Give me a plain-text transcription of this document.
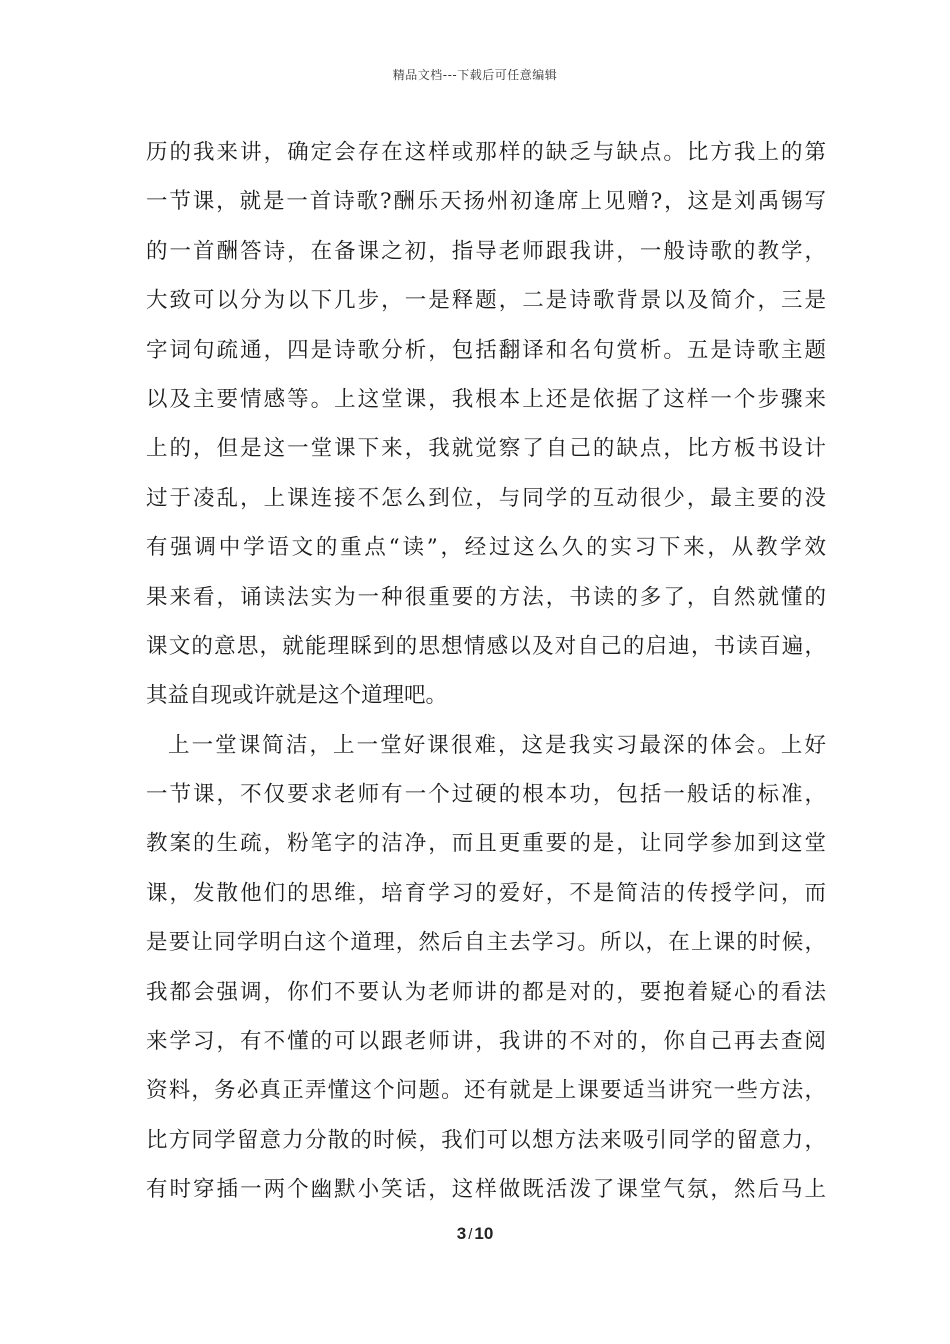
精品文档---下载后可任意编辑
历的我来讲，确定会存在这样或那样的缺乏与缺点。比方我上的第
一节课，就是一首诗歌?酬乐天扬州初逢席上见赠?，这是刘禹锡写
的一首酬答诗，在备课之初，指导老师跟我讲，一般诗歌的教学，
大致可以分为以下几步，一是释题，二是诗歌背景以及简介，三是
字词句疏通，四是诗歌分析，包括翻译和名句赏析。五是诗歌主题
以及主要情感等。上这堂课，我根本上还是依据了这样一个步骤来
上的，但是这一堂课下来，我就觉察了自己的缺点，比方板书设计
过于凌乱，上课连接不怎么到位，与同学的互动很少，最主要的没
有强调中学语文的重点“读”，经过这么久的实习下来，从教学效
果来看，诵读法实为一种很重要的方法，书读的多了，自然就懂的
课文的意思，就能理睬到的思想情感以及对自己的启迪，书读百遍，
其益自现或许就是这个道理吧。
上一堂课简洁，上一堂好课很难，这是我实习最深的体会。上好
一节课，不仅要求老师有一个过硬的根本功，包括一般话的标准，
教案的生疏，粉笔字的洁净，而且更重要的是，让同学参加到这堂
课，发散他们的思维，培育学习的爱好，不是简洁的传授学问，而
是要让同学明白这个道理，然后自主去学习。所以，在上课的时候，
我都会强调，你们不要认为老师讲的都是对的，要抱着疑心的看法
来学习，有不懂的可以跟老师讲，我讲的不对的，你自己再去查阅
资料，务必真正弄懂这个问题。还有就是上课要适当讲究一些方法，
比方同学留意力分散的时候，我们可以想方法来吸引同学的留意力，
有时穿插一两个幽默小笑话，这样做既活泼了课堂气氛，然后马上
3 / 10
